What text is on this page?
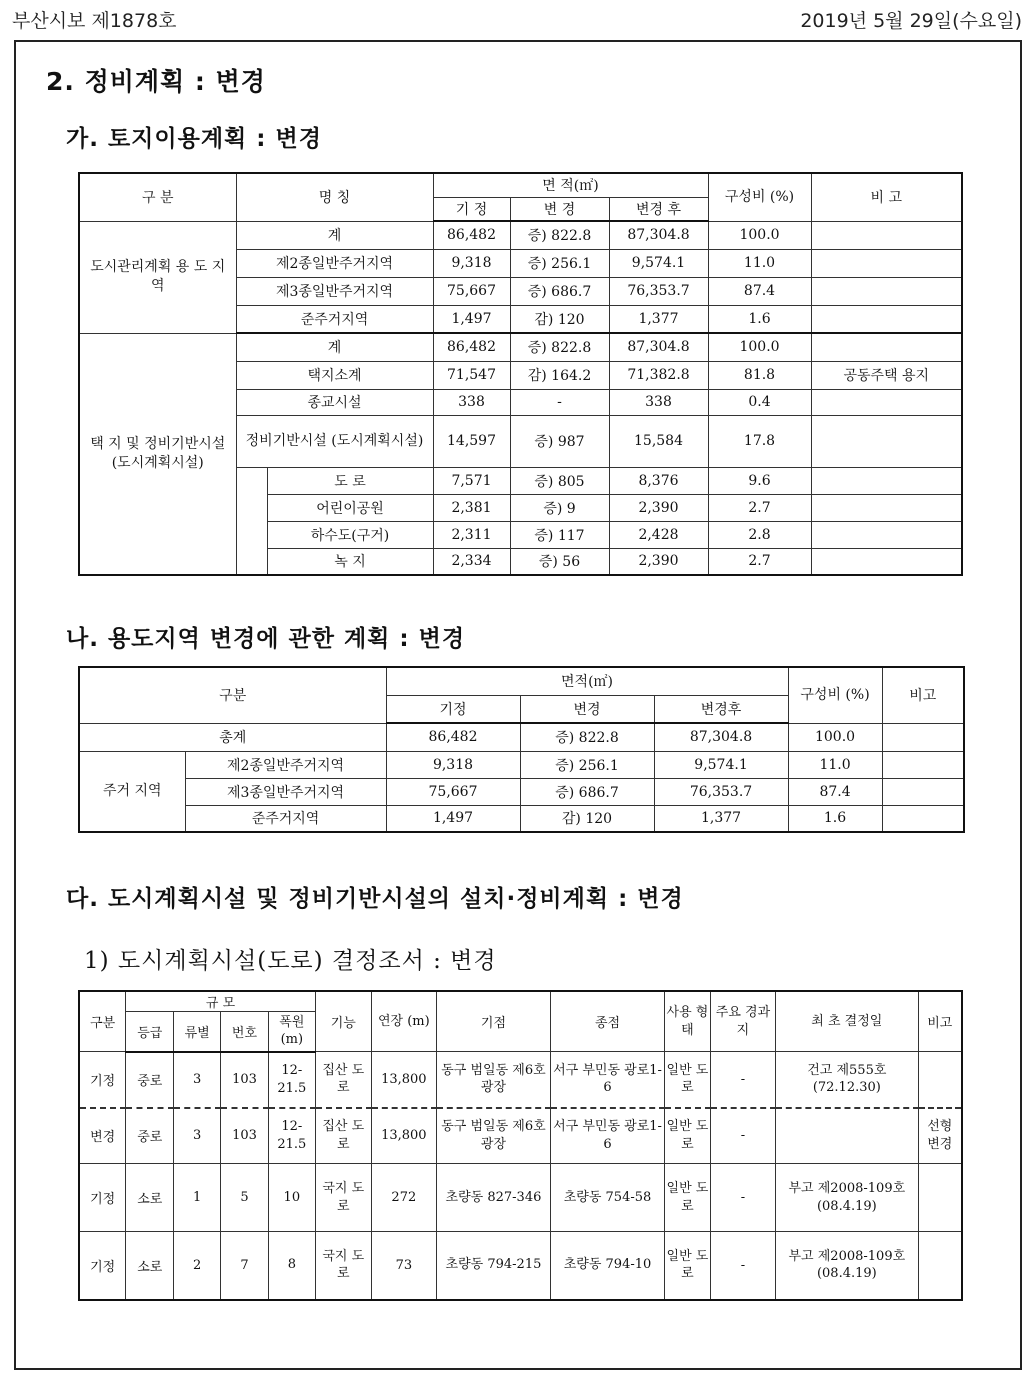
부산시보 제1878호	2019년 5월 29일(수요일)
2. 정비계획 : 변경
가. 토지이용계획 : 변경
구 분	명 칭		면 적(㎡)			구성비 (%)	비 고
			기 정	변 경	변경 후		
도시관리계획 용 도 지 역	계		86,482	증) 822.8	87,304.8	100.0	
	제2종일반주거지역		9,318	증) 256.1	9,574.1	11.0	
	제3종일반주거지역		75,667	증) 686.7	76,353.7	87.4	
	준주거지역		1,497	감) 120	1,377	1.6	
택 지 및 정비기반시설 (도시계획시설)	계		86,482	증) 822.8	87,304.8	100.0	
	택지소계		71,547	감) 164.2	71,382.8	81.8	공동주택 용지
	종교시설		338	-	338	0.4	
	정비기반시설 (도시계획시설)		14,597	증) 987	15,584	17.8	
		도 로	7,571	증) 805	8,376	9.6	
		어린이공원	2,381	증) 9	2,390	2.7	
		하수도(구거)	2,311	증) 117	2,428	2.8	
		녹 지	2,334	증) 56	2,390	2.7	
나. 용도지역 변경에 관한 계획 : 변경
구분		면적(㎡)			구성비 (%)	비고
		기정	변경	변경후		
총계		86,482	증) 822.8	87,304.8	100.0	
주거 지역	제2종일반주거지역	9,318	증) 256.1	9,574.1	11.0	
	제3종일반주거지역	75,667	증) 686.7	76,353.7	87.4	
	준주거지역	1,497	감) 120	1,377	1.6	
다. 도시계획시설 및 정비기반시설의 설치·정비계획 : 변경
1) 도시계획시설(도로) 결정조서 : 변경
구분	규 모				기능	연장 (m)	기점	종점	사용 형태	주요 경과지	최 초 결정일	비고
	등급	류별	번호	폭원 (m)								
기정	중로	3	103	12- 21.5	집산 도로	13,800	동구 범일동 제6호 광장	서구 부민동 광로1-6	일반 도로	-	건고 제555호 (72.12.30)	
변경	중로	3	103	12- 21.5	집산 도로	13,800	동구 범일동 제6호 광장	서구 부민동 광로1-6	일반 도로	-		선형 변경
기정	소로	1	5	10	국지 도로	272	초량동 827-346	초량동 754-58	일반 도로	-	부고 제2008-109호 (08.4.19)	
기정	소로	2	7	8	국지 도로	73	초량동 794-215	초량동 794-10	일반 도로	-	부고 제2008-109호 (08.4.19)	
